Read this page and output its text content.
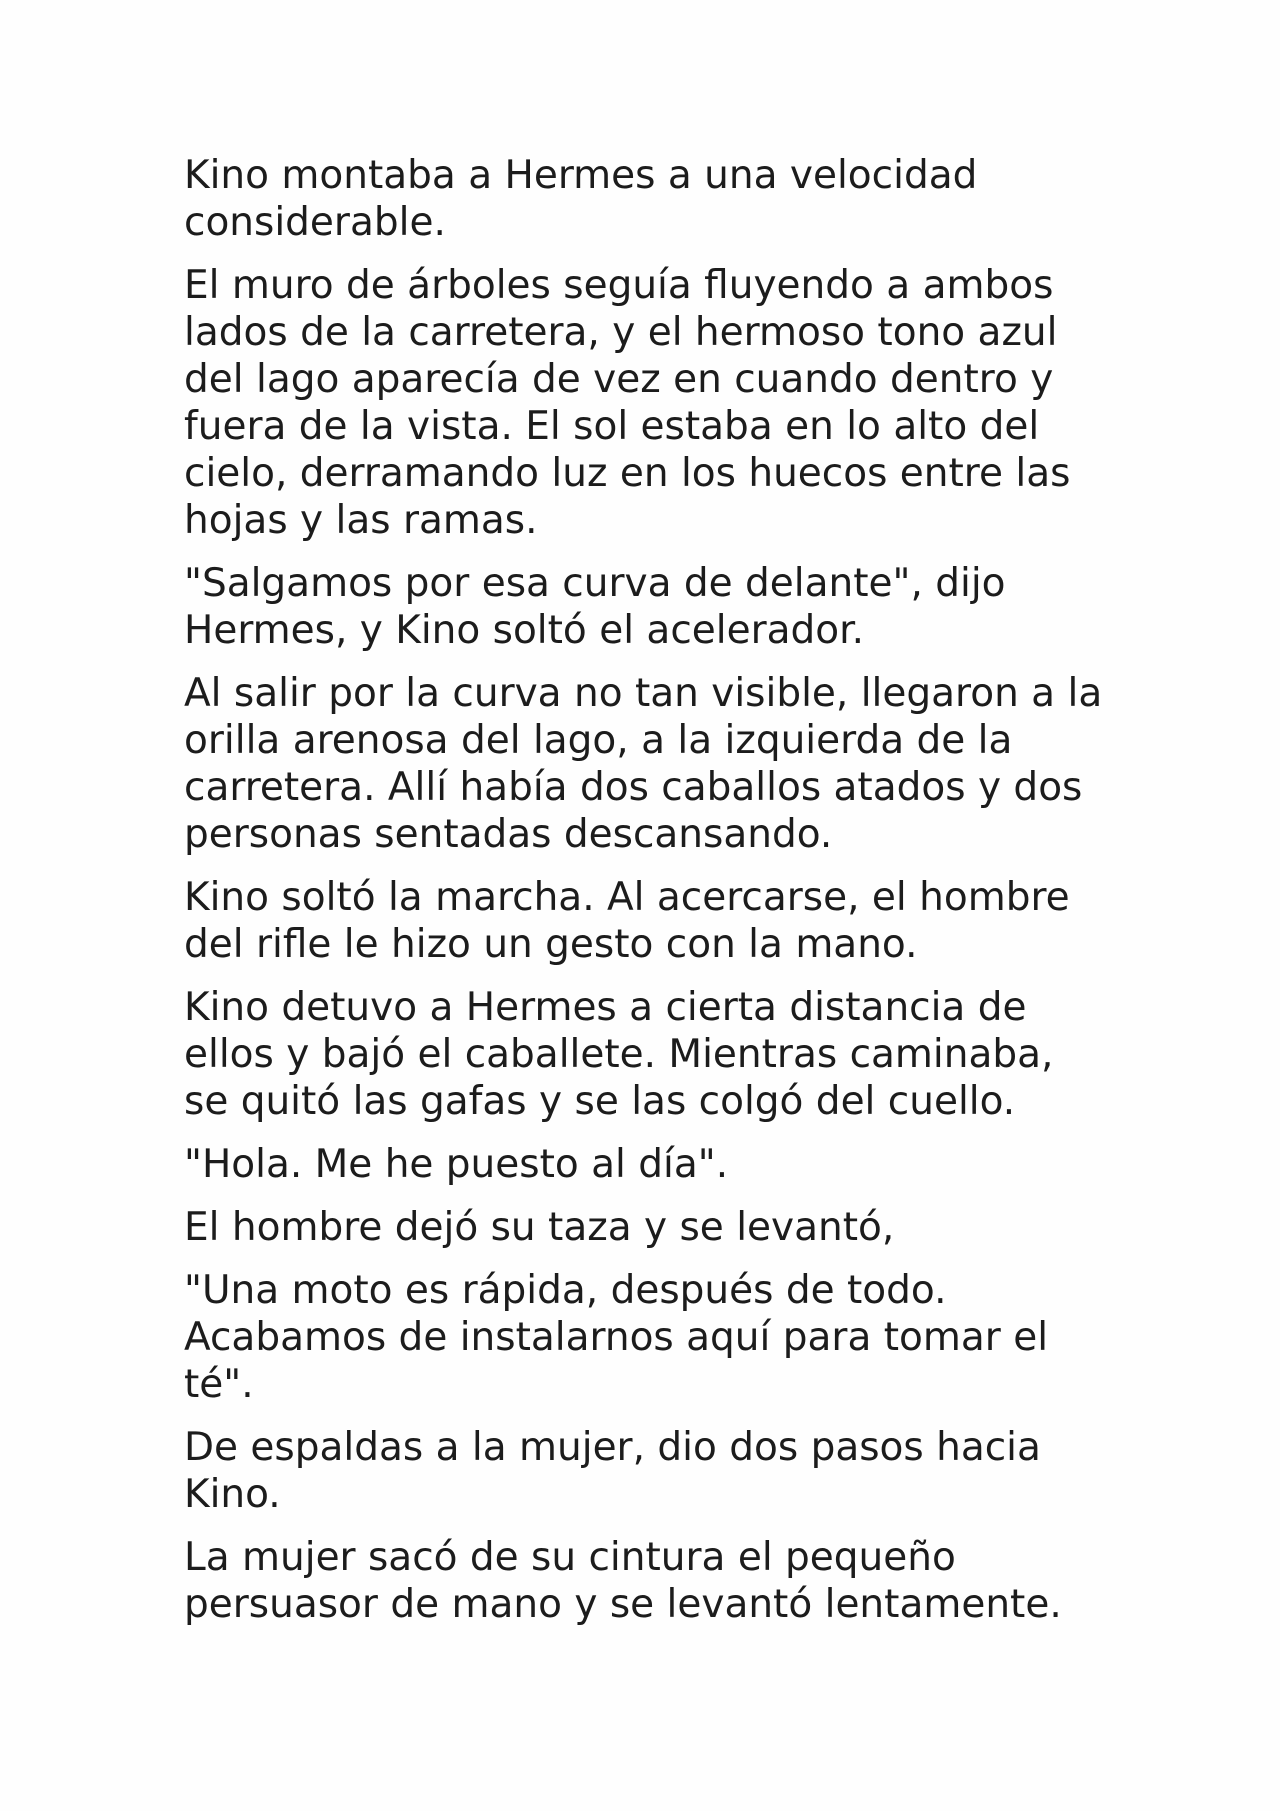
Kino montaba a Hermes a una velocidad considerable.

El muro de árboles seguía fluyendo a ambos lados de la carretera, y el hermoso tono azul del lago aparecía de vez en cuando dentro y fuera de la vista. El sol estaba en lo alto del cielo, derramando luz en los huecos entre las hojas y las ramas.

"Salgamos por esa curva de delante", dijo Hermes, y Kino soltó el acelerador.

Al salir por la curva no tan visible, llegaron a la orilla arenosa del lago, a la izquierda de la carretera. Allí había dos caballos atados y dos personas sentadas descansando.

Kino soltó la marcha. Al acercarse, el hombre del rifle le hizo un gesto con la mano.

Kino detuvo a Hermes a cierta distancia de ellos y bajó el caballete. Mientras caminaba, se quitó las gafas y se las colgó del cuello.

"Hola. Me he puesto al día".

El hombre dejó su taza y se levantó,

"Una moto es rápida, después de todo. Acabamos de instalarnos aquí para tomar el té".

De espaldas a la mujer, dio dos pasos hacia Kino.

La mujer sacó de su cintura el pequeño persuasor de mano y se levantó lentamente.
